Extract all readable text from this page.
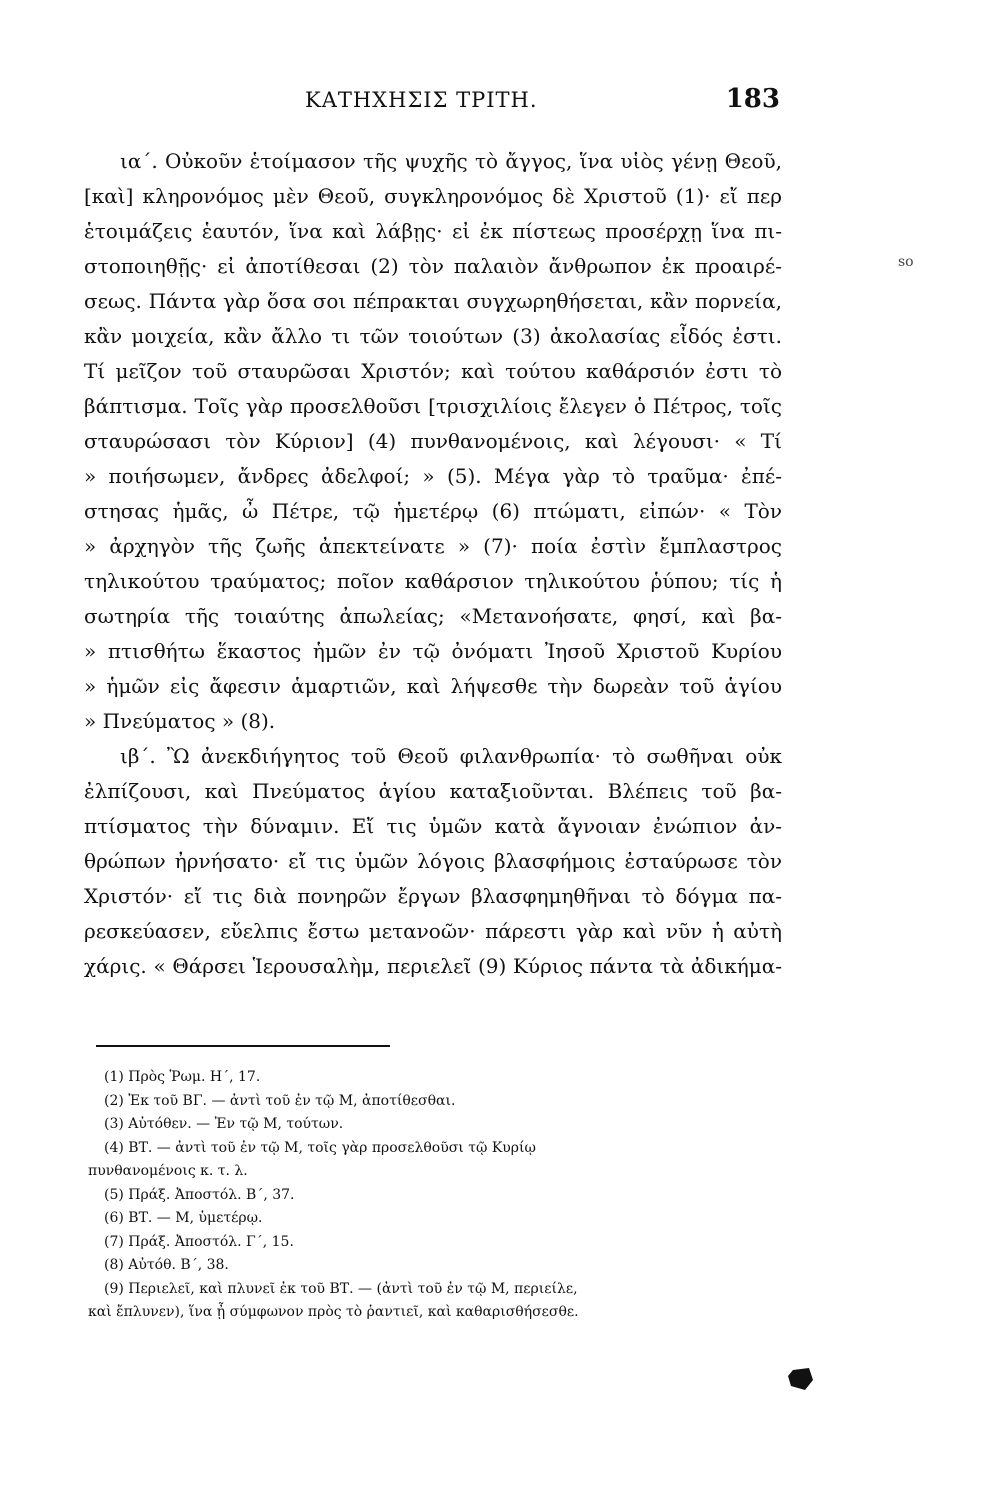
ΚΑΤΗΧΗΣΙΣ ΤΡΙΤΗ.	183
so
ια΄. Οὐκοῦν ἑτοίμασον τῆς ψυχῆς τὸ ἄγγος, ἵνα υἱὸς γένῃ Θεοῦ,
[καὶ] κληρονόμος μὲν Θεοῦ, συγκληρονόμος δὲ Χριστοῦ (1)· εἴ περ
ἑτοιμάζεις ἑαυτόν, ἵνα καὶ λάβῃς· εἰ ἐκ πίστεως προσέρχῃ ἵνα πι-
στοποιηθῇς· εἰ ἀποτίθεσαι (2) τὸν παλαιὸν ἄνθρωπον ἐκ προαιρέ-
σεως. Πάντα γὰρ ὅσα σοι πέπρακται συγχωρηθήσεται, κἂν πορνεία,
κἂν μοιχεία, κἂν ἄλλο τι τῶν τοιούτων (3) ἀκολασίας εἶδός ἐστι.
Τί μεῖζον τοῦ σταυρῶσαι Χριστόν; καὶ τούτου καθάρσιόν ἐστι τὸ
βάπτισμα. Τοῖς γὰρ προσελθοῦσι [τρισχιλίοις ἔλεγεν ὁ Πέτρος, τοῖς
σταυρώσασι τὸν Κύριον] (4) πυνθανομένοις, καὶ λέγουσι· « Τί
» ποιήσωμεν, ἄνδρες ἀδελφοί; » (5). Μέγα γὰρ τὸ τραῦμα· ἐπέ-
στησας ἡμᾶς, ὦ Πέτρε, τῷ ἡμετέρῳ (6) πτώματι, εἰπών· « Τὸν
» ἀρχηγὸν τῆς ζωῆς ἀπεκτείνατε » (7)· ποία ἐστὶν ἔμπλαστρος
τηλικούτου τραύματος; ποῖον καθάρσιον τηλικούτου ῥύπου; τίς ἡ
σωτηρία τῆς τοιαύτης ἀπωλείας; «Μετανοήσατε, φησί, καὶ βα-
» πτισθήτω ἕκαστος ἡμῶν ἐν τῷ ὀνόματι Ἰησοῦ Χριστοῦ Κυρίου
» ἡμῶν εἰς ἄφεσιν ἁμαρτιῶν, καὶ λήψεσθε τὴν δωρεὰν τοῦ ἁγίου
» Πνεύματος » (8).
ιβ΄. Ὢ ἀνεκδιήγητος τοῦ Θεοῦ φιλανθρωπία· τὸ σωθῆναι οὐκ
ἐλπίζουσι, καὶ Πνεύματος ἁγίου καταξιοῦνται. Βλέπεις τοῦ βα-
πτίσματος τὴν δύναμιν. Εἴ τις ὑμῶν κατὰ ἄγνοιαν ἐνώπιον ἀν-
θρώπων ἠρνήσατο· εἴ τις ὑμῶν λόγοις βλασφήμοις ἐσταύρωσε τὸν
Χριστόν· εἴ τις διὰ πονηρῶν ἔργων βλασφημηθῆναι τὸ δόγμα πα-
ρεσκεύασεν, εὔελπις ἔστω μετανοῶν· πάρεστι γὰρ καὶ νῦν ἡ αὐτὴ
χάρις. « Θάρσει Ἱερουσαλὴμ, περιελεῖ (9) Κύριος πάντα τὰ ἀδικήμα-
(1) Πρὸς Ῥωμ. Η΄, 17.
(2) Ἐκ τοῦ ΒΓ. — ἀντὶ τοῦ ἐν τῷ Μ, ἀποτίθεσθαι.
(3) Αὐτόθεν. — Ἐν τῷ Μ, τούτων.
(4) ΒΤ. — ἀντὶ τοῦ ἐν τῷ Μ, τοῖς γὰρ προσελθοῦσι τῷ Κυρίῳ
πυνθανομένοις κ. τ. λ.
(5) Πράξ. Ἀποστόλ. Β΄, 37.
(6) ΒΤ. — Μ, ὑμετέρῳ.
(7) Πράξ. Ἀποστόλ. Γ΄, 15.
(8) Αὐτόθ. Β΄, 38.
(9) Περιελεῖ, καὶ πλυνεῖ ἐκ τοῦ ΒΤ. — (ἀντὶ τοῦ ἐν τῷ Μ, περιείλε,
καὶ ἔπλυνεν), ἵνα ᾖ σύμφωνον πρὸς τὸ ῥαντιεῖ, καὶ καθαρισθήσεσθε.
